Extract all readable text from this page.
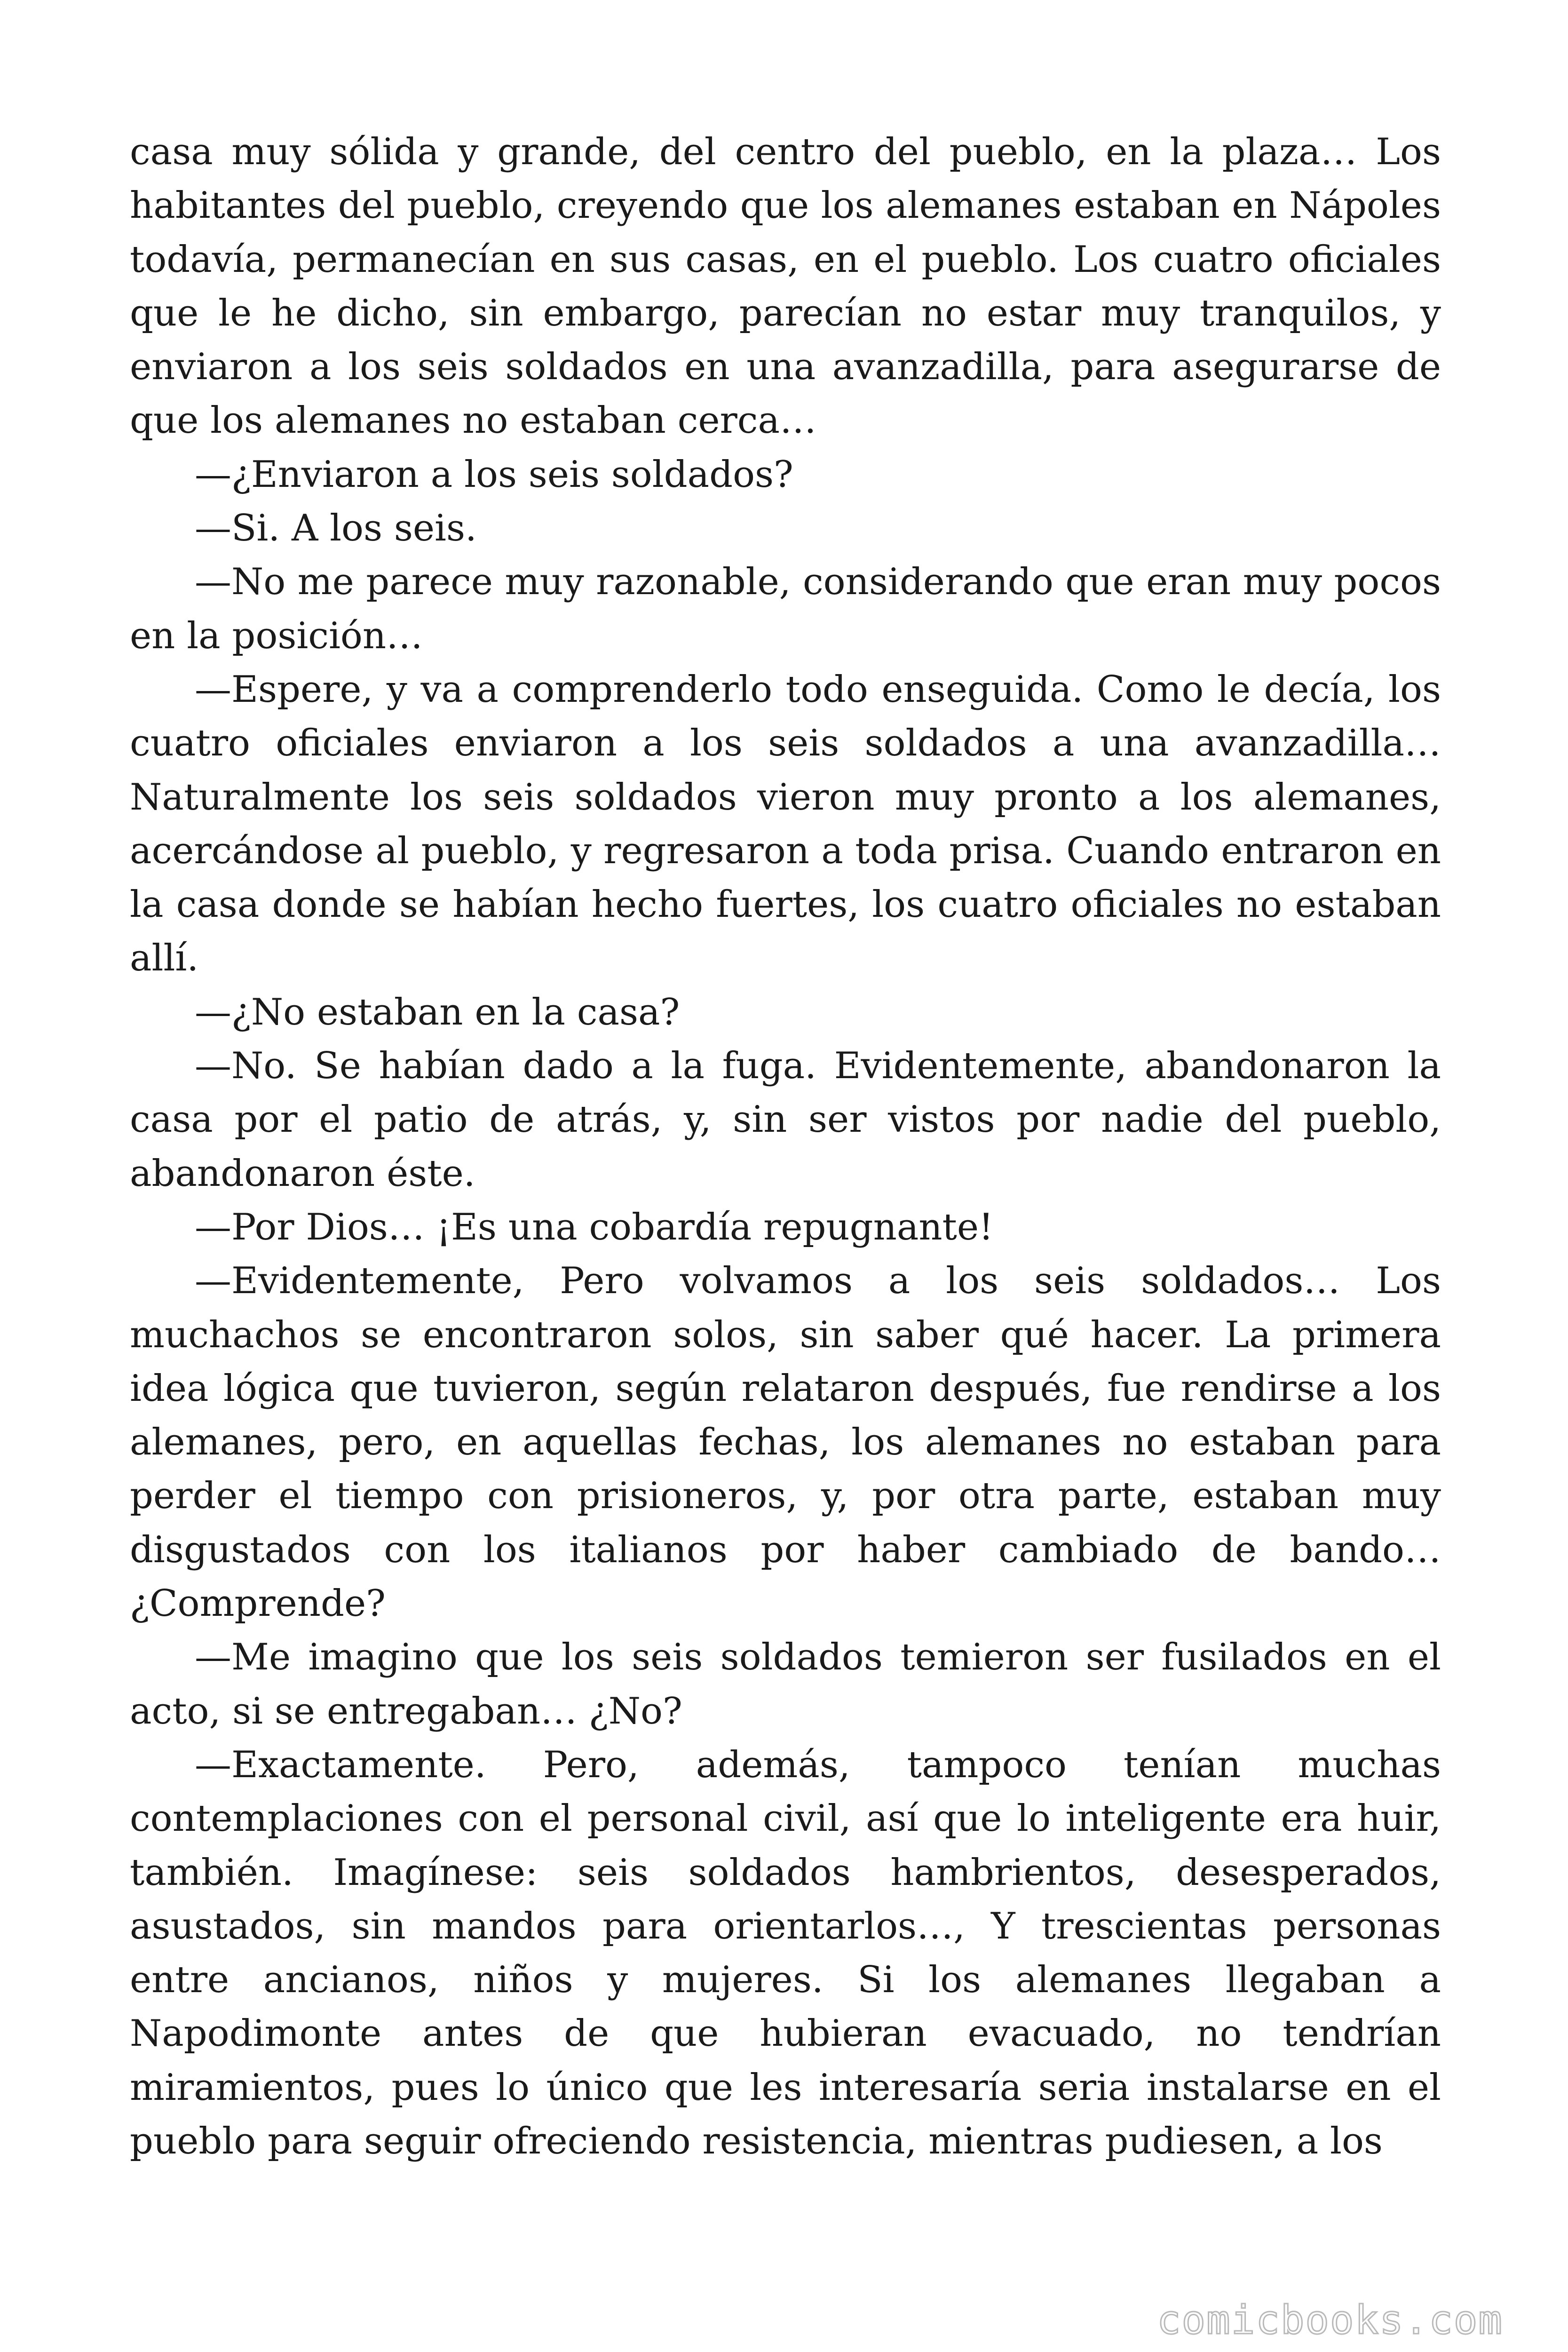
casa muy sólida y grande, del centro del pueblo, en la plaza… Los habitantes del pueblo, creyendo que los alemanes estaban en Nápoles todavía, permanecían en sus casas, en el pueblo. Los cuatro oficiales que le he dicho, sin embargo, parecían no estar muy tranquilos, y enviaron a los seis soldados en una avanzadilla, para asegurarse de que los alemanes no estaban cerca…

—¿Enviaron a los seis soldados?

—Si. A los seis.

—No me parece muy razonable, considerando que eran muy pocos en la posición…

—Espere, y va a comprenderlo todo enseguida. Como le decía, los cuatro oficiales enviaron a los seis soldados a una avanzadilla… Naturalmente los seis soldados vieron muy pronto a los alemanes, acercándose al pueblo, y regresaron a toda prisa. Cuando entraron en la casa donde se habían hecho fuertes, los cuatro oficiales no estaban allí.

—¿No estaban en la casa?

—No. Se habían dado a la fuga. Evidentemente, abandonaron la casa por el patio de atrás, y, sin ser vistos por nadie del pueblo, abandonaron éste.

—Por Dios… ¡Es una cobardía repugnante!

—Evidentemente, Pero volvamos a los seis soldados… Los muchachos se encontraron solos, sin saber qué hacer. La primera idea lógica que tuvieron, según relataron después, fue rendirse a los alemanes, pero, en aquellas fechas, los alemanes no estaban para perder el tiempo con prisioneros, y, por otra parte, estaban muy disgustados con los italianos por haber cambiado de bando… ¿Comprende?

—Me imagino que los seis soldados temieron ser fusilados en el acto, si se entregaban… ¿No?

—Exactamente. Pero, además, tampoco tenían muchas contemplaciones con el personal civil, así que lo inteligente era huir, también. Imagínese: seis soldados hambrientos, desesperados, asustados, sin mandos para orientarlos…, Y trescientas personas entre ancianos, niños y mujeres. Si los alemanes llegaban a Napodimonte antes de que hubieran evacuado, no tendrían miramientos, pues lo único que les interesaría seria instalarse en el pueblo para seguir ofreciendo resistencia, mientras pudiesen, a los

comicbooks.com
